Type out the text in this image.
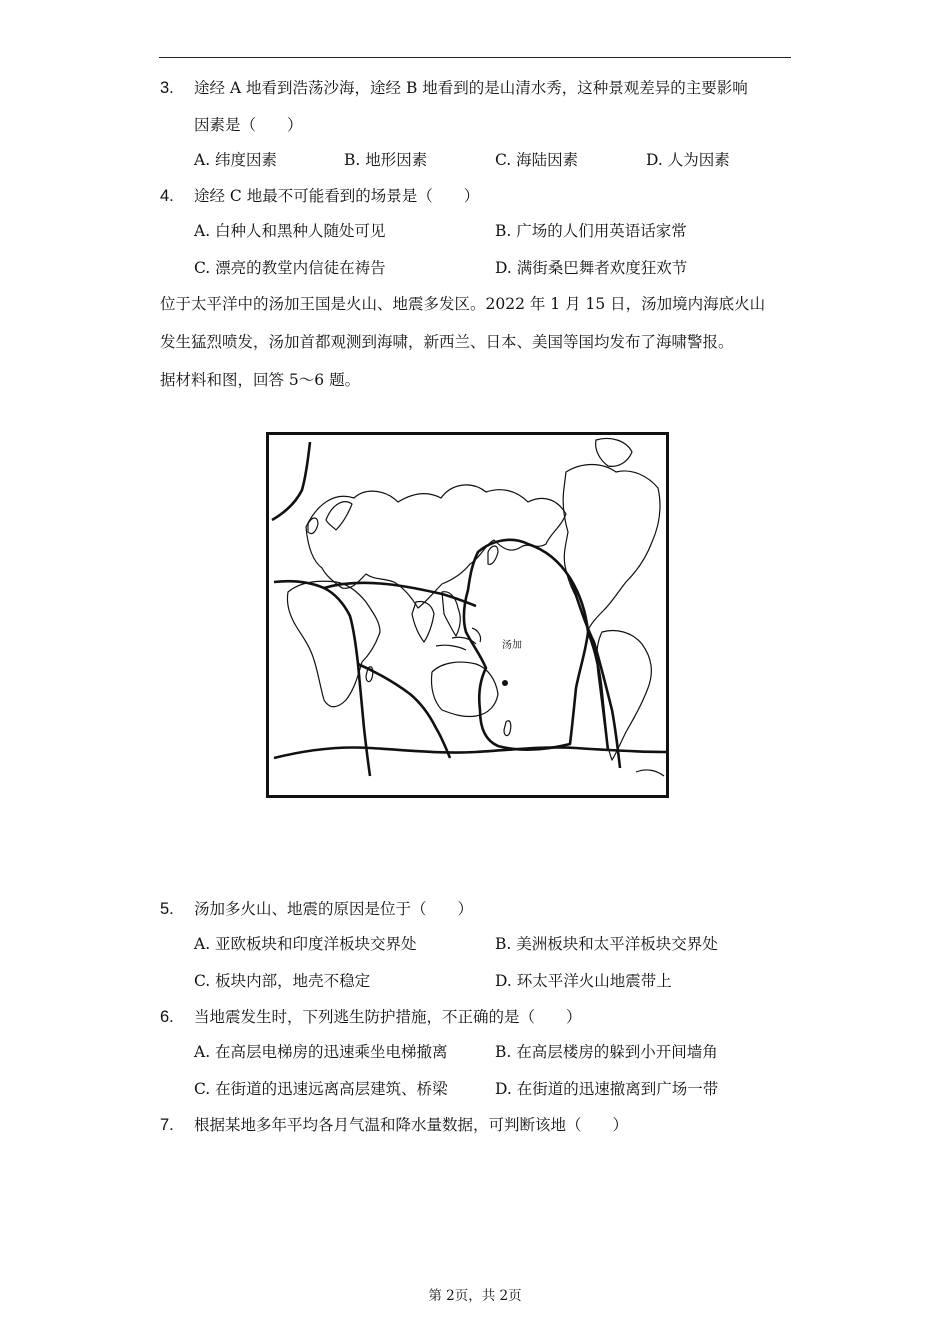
3. 途经 A 地看到浩荡沙海，途经 B 地看到的是山清水秀，这种景观差异的主要影响
因素是（　　）
A. 纬度因素	B. 地形因素	C. 海陆因素	D. 人为因素
4. 途经 C 地最不可能看到的场景是（　　）
A. 白种人和黑种人随处可见	B. 广场的人们用英语话家常
C. 漂亮的教堂内信徒在祷告	D. 满街桑巴舞者欢度狂欢节
位于太平洋中的汤加王国是火山、地震多发区。2022 年 1 月 15 日，汤加境内海底火山
发生猛烈喷发，汤加首都观测到海啸，新西兰、日本、美国等国均发布了海啸警报。
据材料和图，回答 5～6 题。
汤加
5. 汤加多火山、地震的原因是位于（　　）
A. 亚欧板块和印度洋板块交界处	B. 美洲板块和太平洋板块交界处
C. 板块内部，地壳不稳定	D. 环太平洋火山地震带上
6. 当地震发生时，下列逃生防护措施，不正确的是（　　）
A. 在高层电梯房的迅速乘坐电梯撤离	B. 在高层楼房的躲到小开间墙角
C. 在街道的迅速远离高层建筑、桥梁	D. 在街道的迅速撤离到广场一带
7. 根据某地多年平均各月气温和降水量数据，可判断该地（　　）
第 2页，共 2页
